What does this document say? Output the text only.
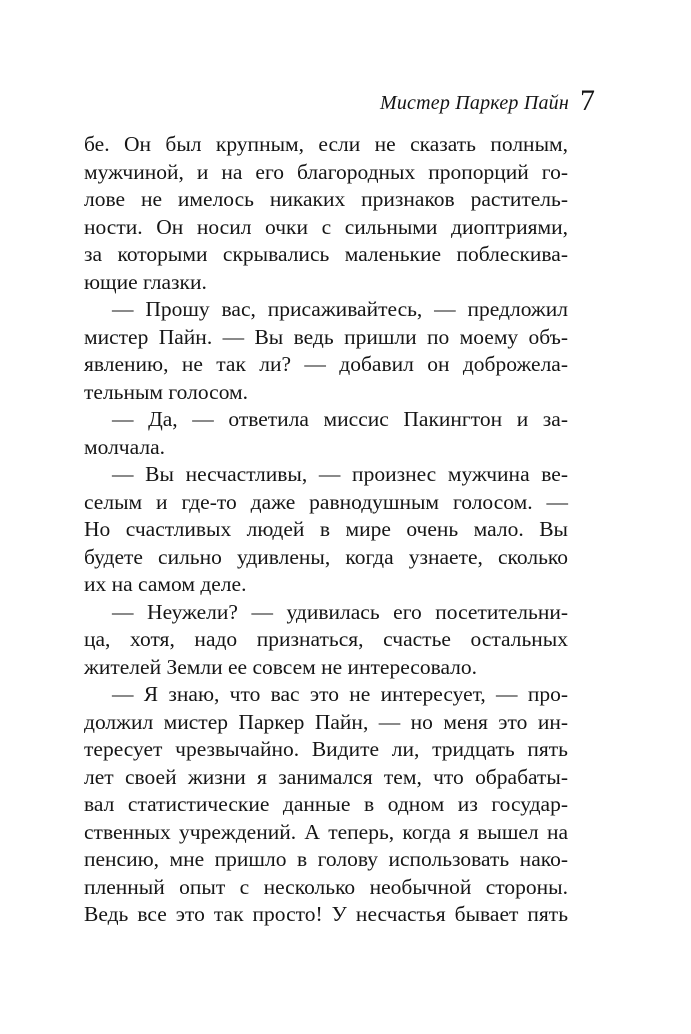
Мистер Паркер Пайн 7
бе. Он был крупным, если не сказать полным,
мужчиной, и на его благородных пропорций го-
лове не имелось никаких признаков раститель-
ности. Он носил очки с сильными диоптриями,
за которыми скрывались маленькие поблескива-
ющие глазки.
— Прошу вас, присаживайтесь, — предложил
мистер Пайн. — Вы ведь пришли по моему объ-
явлению, не так ли? — добавил он доброжела-
тельным голосом.
— Да, — ответила миссис Пакингтон и за-
молчала.
— Вы несчастливы, — произнес мужчина ве-
селым и где-то даже равнодушным голосом. —
Но счастливых людей в мире очень мало. Вы
будете сильно удивлены, когда узнаете, сколько
их на самом деле.
— Неужели? — удивилась его посетительни-
ца, хотя, надо признаться, счастье остальных
жителей Земли ее совсем не интересовало.
— Я знаю, что вас это не интересует, — про-
должил мистер Паркер Пайн, — но меня это ин-
тересует чрезвычайно. Видите ли, тридцать пять
лет своей жизни я занимался тем, что обрабаты-
вал статистические данные в одном из государ-
ственных учреждений. А теперь, когда я вышел на
пенсию, мне пришло в голову использовать нако-
пленный опыт с несколько необычной стороны.
Ведь все это так просто! У несчастья бывает пять
